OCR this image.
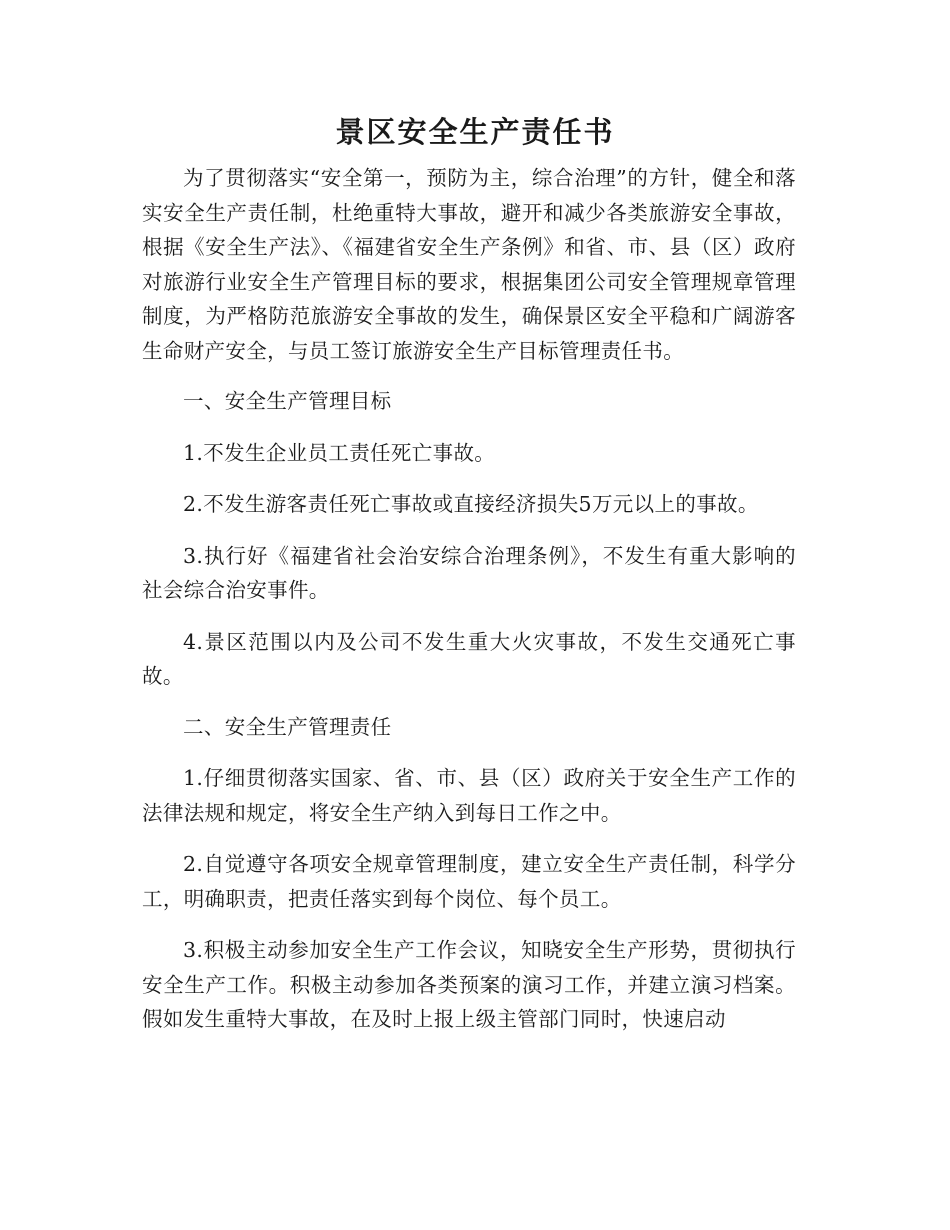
景区安全生产责任书

为了贯彻落实“安全第一，预防为主，综合治理”的方针，健全和落实安全生产责任制，杜绝重特大事故，避开和减少各类旅游安全事故，根据《安全生产法》、《福建省安全生产条例》和省、市、县（区）政府对旅游行业安全生产管理目标的要求，根据集团公司安全管理规章管理制度，为严格防范旅游安全事故的发生，确保景区安全平稳和广阔游客生命财产安全，与员工签订旅游安全生产目标管理责任书。

一、安全生产管理目标

1.不发生企业员工责任死亡事故。

2.不发生游客责任死亡事故或直接经济损失5万元以上的事故。

3.执行好《福建省社会治安综合治理条例》，不发生有重大影响的社会综合治安事件。

4.景区范围以内及公司不发生重大火灾事故，不发生交通死亡事故。

二、安全生产管理责任

1.仔细贯彻落实国家、省、市、县（区）政府关于安全生产工作的法律法规和规定，将安全生产纳入到每日工作之中。

2.自觉遵守各项安全规章管理制度，建立安全生产责任制，科学分工，明确职责，把责任落实到每个岗位、每个员工。

3.积极主动参加安全生产工作会议，知晓安全生产形势，贯彻执行安全生产工作。积极主动参加各类预案的演习工作，并建立演习档案。假如发生重特大事故，在及时上报上级主管部门同时，快速启动
